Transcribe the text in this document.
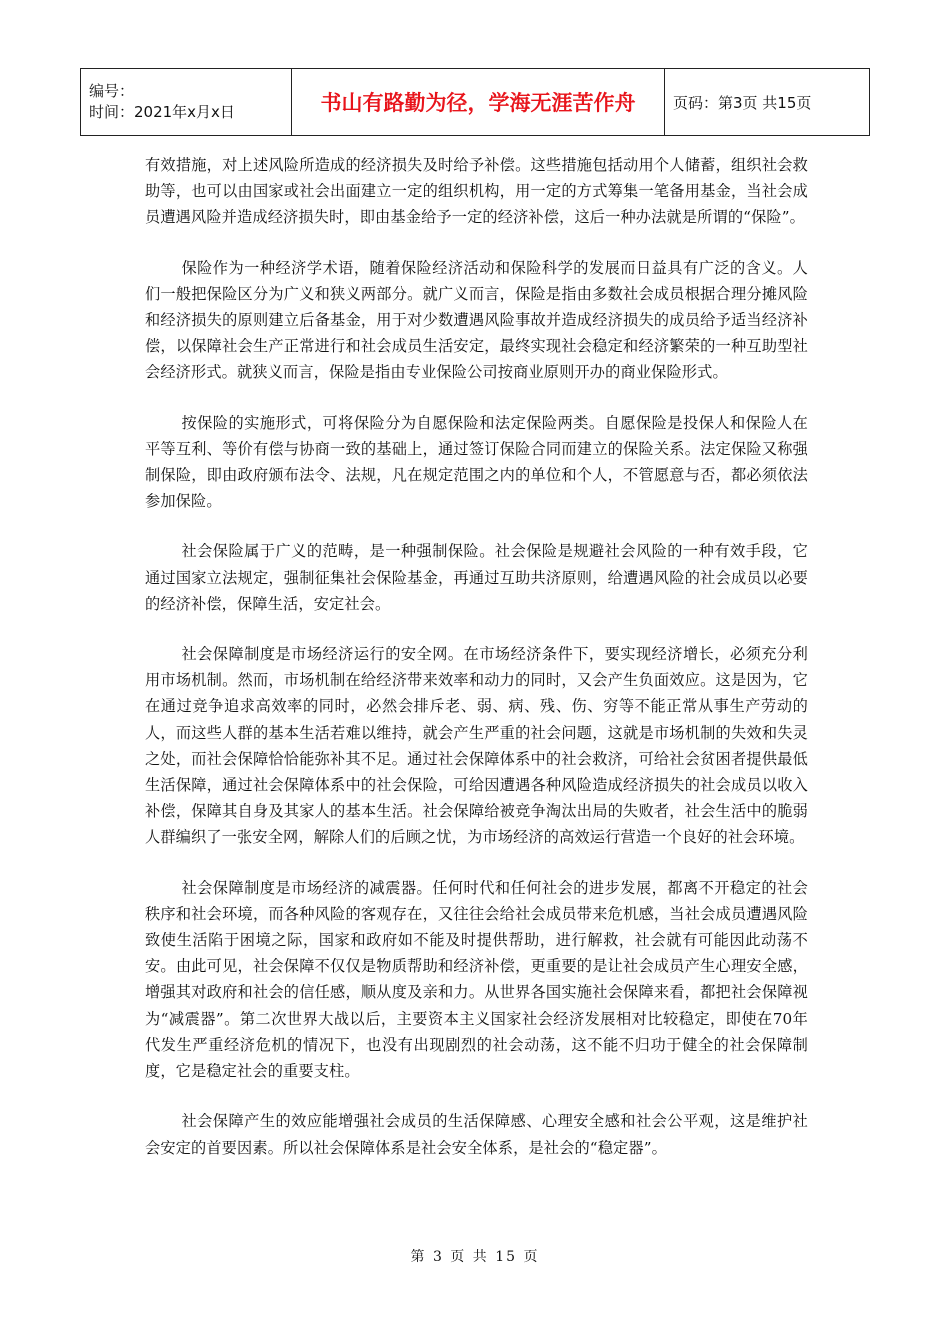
编号：
时间：2021年x月x日	书山有路勤为径，学海无涯苦作舟	页码：第3页 共15页

有效措施，对上述风险所造成的经济损失及时给予补偿。这些措施包括动用个人储蓄，组织社会救助等，也可以由国家或社会出面建立一定的组织机构，用一定的方式筹集一笔备用基金，当社会成员遭遇风险并造成经济损失时，即由基金给予一定的经济补偿，这后一种办法就是所谓的“保险”。

保险作为一种经济学术语，随着保险经济活动和保险科学的发展而日益具有广泛的含义。人们一般把保险区分为广义和狭义两部分。就广义而言，保险是指由多数社会成员根据合理分摊风险和经济损失的原则建立后备基金，用于对少数遭遇风险事故并造成经济损失的成员给予适当经济补偿，以保障社会生产正常进行和社会成员生活安定，最终实现社会稳定和经济繁荣的一种互助型社会经济形式。就狭义而言，保险是指由专业保险公司按商业原则开办的商业保险形式。

按保险的实施形式，可将保险分为自愿保险和法定保险两类。自愿保险是投保人和保险人在平等互利、等价有偿与协商一致的基础上，通过签订保险合同而建立的保险关系。法定保险又称强制保险，即由政府颁布法令、法规，凡在规定范围之内的单位和个人，不管愿意与否，都必须依法参加保险。

社会保险属于广义的范畴，是一种强制保险。社会保险是规避社会风险的一种有效手段，它通过国家立法规定，强制征集社会保险基金，再通过互助共济原则，给遭遇风险的社会成员以必要的经济补偿，保障生活，安定社会。

社会保障制度是市场经济运行的安全网。在市场经济条件下，要实现经济增长，必须充分利用市场机制。然而，市场机制在给经济带来效率和动力的同时，又会产生负面效应。这是因为，它在通过竞争追求高效率的同时，必然会排斥老、弱、病、残、伤、穷等不能正常从事生产劳动的人，而这些人群的基本生活若难以维持，就会产生严重的社会问题，这就是市场机制的失效和失灵之处，而社会保障恰恰能弥补其不足。通过社会保障体系中的社会救济，可给社会贫困者提供最低生活保障，通过社会保障体系中的社会保险，可给因遭遇各种风险造成经济损失的社会成员以收入补偿，保障其自身及其家人的基本生活。社会保障给被竞争淘汰出局的失败者，社会生活中的脆弱人群编织了一张安全网，解除人们的后顾之忧，为市场经济的高效运行营造一个良好的社会环境。

社会保障制度是市场经济的减震器。任何时代和任何社会的进步发展，都离不开稳定的社会秩序和社会环境，而各种风险的客观存在，又往往会给社会成员带来危机感，当社会成员遭遇风险致使生活陷于困境之际，国家和政府如不能及时提供帮助，进行解救，社会就有可能因此动荡不安。由此可见，社会保障不仅仅是物质帮助和经济补偿，更重要的是让社会成员产生心理安全感，增强其对政府和社会的信任感，顺从度及亲和力。从世界各国实施社会保障来看，都把社会保障视为“减震器”。第二次世界大战以后，主要资本主义国家社会经济发展相对比较稳定，即使在70年代发生严重经济危机的情况下，也没有出现剧烈的社会动荡，这不能不归功于健全的社会保障制度，它是稳定社会的重要支柱。

社会保障产生的效应能增强社会成员的生活保障感、心理安全感和社会公平观，这是维护社会安定的首要因素。所以社会保障体系是社会安全体系，是社会的“稳定器”。

第 3 页 共 15 页
